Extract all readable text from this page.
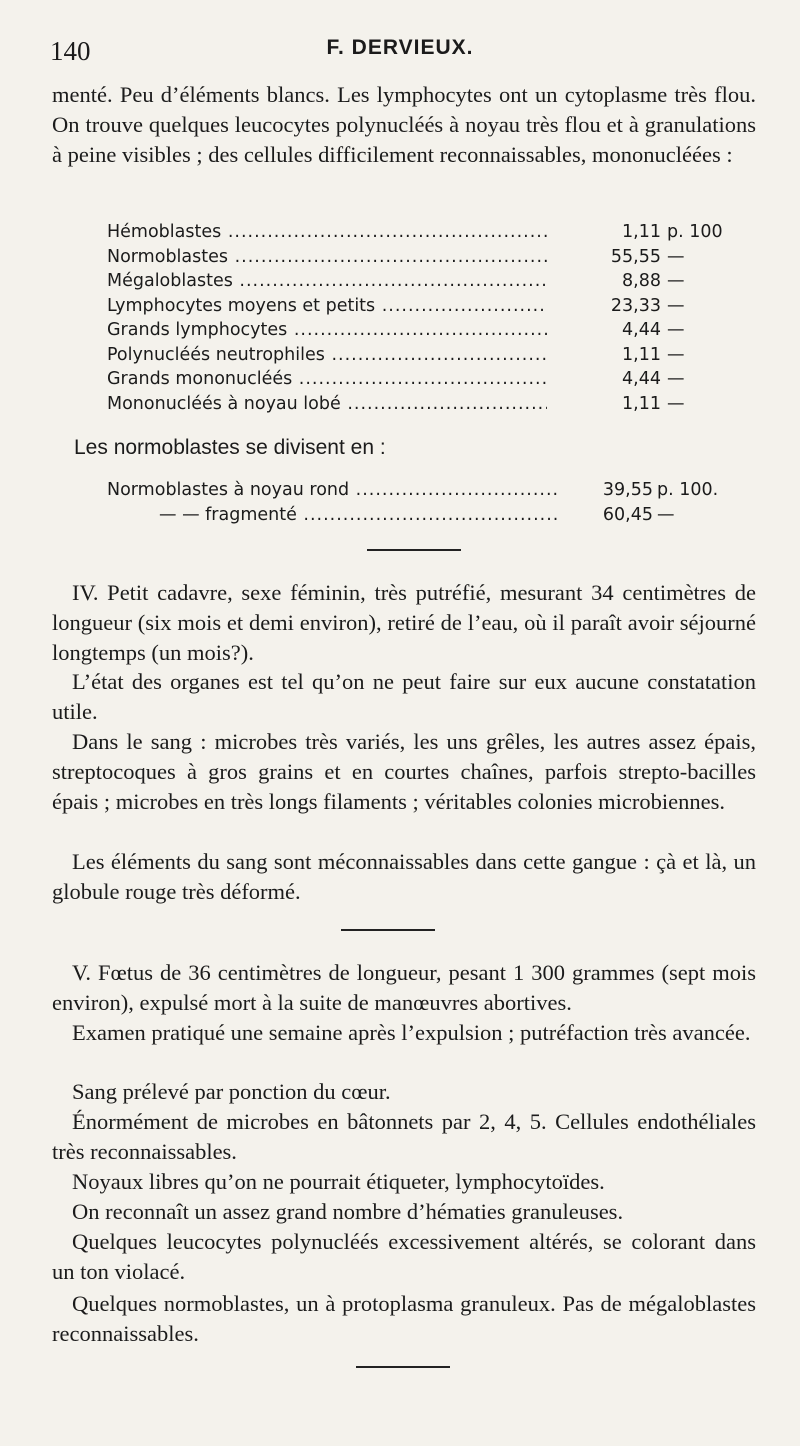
140	F. DERVIEUX.

menté. Peu d’éléments blancs. Les lymphocytes ont un cytoplasme très flou. On trouve quelques leucocytes polynucléés à noyau très flou et à granulations à peine visibles ; des cellules difficilement reconnaissables, mononucléées :

Hémoblastes .....	1,11 p. 100
Normoblastes .....	55,55 —
Mégaloblastes .....	8,88 —
Lymphocytes moyens et petits .....	23,33 —
Grands lymphocytes .....	4,44 —
Polynucléés neutrophiles .....	1,11 —
Grands mononucléés .....	4,44 —
Mononucléés à noyau lobé .....	1,11 —
Les normoblastes se divisent en :
Normoblastes à noyau rond .....	39,55 p. 100.
— — fragmenté .....	60,45 —

IV. Petit cadavre, sexe féminin, très putréfié, mesurant 34 centimètres de longueur (six mois et demi environ), retiré de l’eau, où il paraît avoir séjourné longtemps (un mois?).

L’état des organes est tel qu’on ne peut faire sur eux aucune constatation utile.

Dans le sang : microbes très variés, les uns grêles, les autres assez épais, streptocoques à gros grains et en courtes chaînes, parfois strepto-bacilles épais ; microbes en très longs filaments ; véritables colonies microbiennes.

Les éléments du sang sont méconnaissables dans cette gangue : çà et là, un globule rouge très déformé.

V. Fœtus de 36 centimètres de longueur, pesant 1 300 grammes (sept mois environ), expulsé mort à la suite de manœuvres abortives.

Examen pratiqué une semaine après l’expulsion ; putréfaction très avancée.

Sang prélevé par ponction du cœur.

Énormément de microbes en bâtonnets par 2, 4, 5. Cellules endothéliales très reconnaissables.

Noyaux libres qu’on ne pourrait étiqueter, lymphocytoïdes.

On reconnaît un assez grand nombre d’hématies granuleuses.

Quelques leucocytes polynucléés excessivement altérés, se colorant dans un ton violacé.

Quelques normoblastes, un à protoplasma granuleux. Pas de mégaloblastes reconnaissables.
